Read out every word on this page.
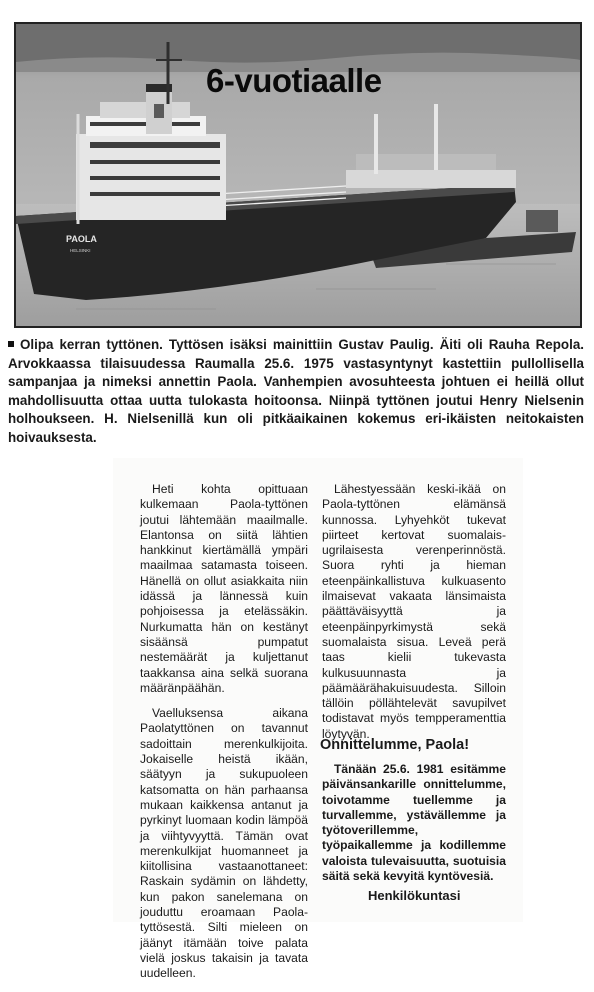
PAOLA
HELSINKI
6-vuotiaalle

Olipa kerran tyttönen. Tyttösen isäksi mainittiin Gustav Paulig. Äiti oli Rauha Repola. Arvokkaassa tilaisuudessa Raumalla 25.6. 1975 vastasyntynyt kastettiin pullollisella sampanjaa ja nimeksi annettin Paola. Vanhempien avosuhteesta johtuen ei heillä ollut mahdollisuutta ottaa uutta tulokasta hoitoonsa. Niinpä tyttönen joutui Henry Nielsenin holhoukseen. H. Nielsenillä kun oli pitkäaikainen kokemus eri-ikäisten neitokaisten hoivauksesta.

Heti kohta opittuaan kulkemaan Paola-tyttönen joutui lähtemään maailmalle. Elantonsa on siitä lähtien hankkinut kiertämällä ympäri maailmaa satamasta toiseen. Hänellä on ollut asiakkaita niin idässä ja lännessä kuin pohjoisessa ja etelässäkin. Nurkumatta hän on kestänyt sisäänsä pumpatut nestemäärät ja kuljettanut taakkansa aina selkä suorana määränpäähän.

Vaelluksensa aikana Paolatyttönen on tavannut sadoittain merenkulkijoita. Jokaiselle heistä ikään, säätyyn ja sukupuoleen katsomatta on hän parhaansa mukaan kaikkensa antanut ja pyrkinyt luomaan kodin lämpöä ja viihtyvyyttä. Tämän ovat merenkulkijat huomanneet ja kiitollisina vastaanottaneet: Raskain sydämin on lähdetty, kun pakon sanelemana on jouduttu eroamaan Paola-tyttösestä. Silti mieleen on jäänyt itämään toive palata vielä joskus takaisin ja tavata uudelleen.

Lähestyessään keski-ikää on Paola-tyttönen elämänsä kunnossa. Lyhyehköt tukevat piirteet kertovat suomalais-ugrilaisesta verenperinnöstä. Suora ryhti ja hieman eteenpäinkallistuva kulkuasento ilmaisevat vakaata länsimaista päättäväisyyttä ja eteenpäinpyrkimystä sekä suomalaista sisua. Leveä perä taas kielii tukevasta kulkusuunnasta ja päämäärähakuisuudesta. Silloin tällöin pöllähtelevät savupilvet todistavat myös tempperamenttia löytyvän.

Onnittelumme, Paola!

Tänään 25.6. 1981 esitämme päivänsankarille onnittelumme, toivotamme tuellemme ja turvallemme, ystävällemme ja työtoverillemme, työpaikallemme ja kodillemme valoista tulevaisuutta, suotuisia säitä sekä kevyitä kyntövesiä.

Henkilökuntasi
